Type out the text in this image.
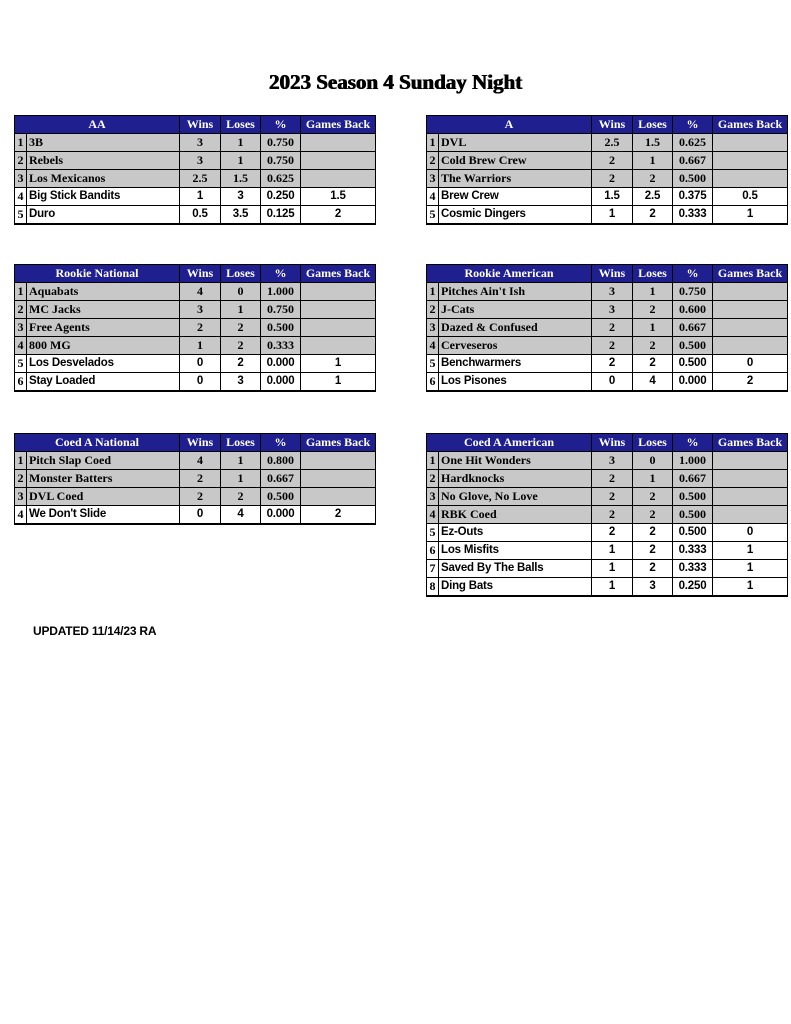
2023 Season 4 Sunday Night
AA		Wins	Loses	%	Games Back
1	3B	3	1	0.750	
2	Rebels	3	1	0.750	
3	Los Mexicanos	2.5	1.5	0.625	
4	Big Stick Bandits	1	3	0.250	1.5
5	Duro	0.5	3.5	0.125	2
A		Wins	Loses	%	Games Back
1	DVL	2.5	1.5	0.625	
2	Cold Brew Crew	2	1	0.667	
3	The Warriors	2	2	0.500	
4	Brew Crew	1.5	2.5	0.375	0.5
5	Cosmic Dingers	1	2	0.333	1
Rookie National		Wins	Loses	%	Games Back
1	Aquabats	4	0	1.000	
2	MC Jacks	3	1	0.750	
3	Free Agents	2	2	0.500	
4	800 MG	1	2	0.333	
5	Los Desvelados	0	2	0.000	1
6	Stay Loaded	0	3	0.000	1
Rookie American		Wins	Loses	%	Games Back
1	Pitches Ain't Ish	3	1	0.750	
2	J-Cats	3	2	0.600	
3	Dazed & Confused	2	1	0.667	
4	Cerveseros	2	2	0.500	
5	Benchwarmers	2	2	0.500	0
6	Los Pisones	0	4	0.000	2
Coed A National		Wins	Loses	%	Games Back
1	Pitch Slap Coed	4	1	0.800	
2	Monster Batters	2	1	0.667	
3	DVL Coed	2	2	0.500	
4	We Don't Slide	0	4	0.000	2
Coed A American		Wins	Loses	%	Games Back
1	One Hit Wonders	3	0	1.000	
2	Hardknocks	2	1	0.667	
3	No Glove, No Love	2	2	0.500	
4	RBK Coed	2	2	0.500	
5	Ez-Outs	2	2	0.500	0
6	Los Misfits	1	2	0.333	1
7	Saved By The Balls	1	2	0.333	1
8	Ding Bats	1	3	0.250	1
UPDATED 11/14/23 RA
